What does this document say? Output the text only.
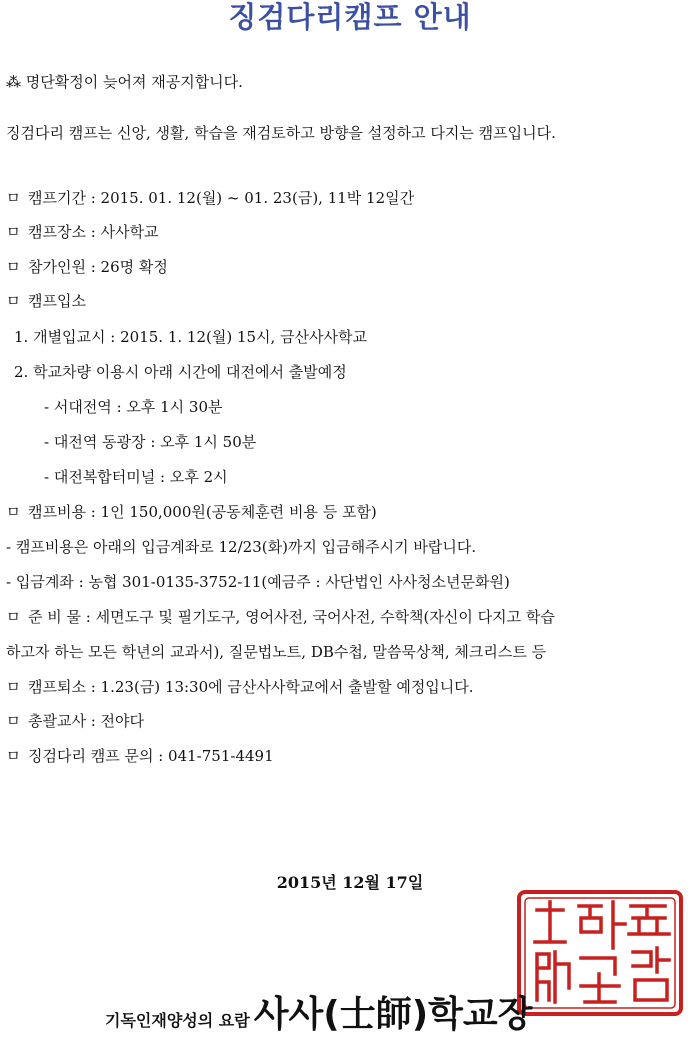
징검다리캠프 안내
⁂ 명단확정이 늦어져 재공지합니다.
징검다리 캠프는 신앙, 생활, 학습을 재검토하고 방향을 설정하고 다지는 캠프입니다.
ㅁ 캠프기간 : 2015. 01. 12(월) ~ 01. 23(금), 11박 12일간
ㅁ 캠프장소 : 사사학교
ㅁ 참가인원 : 26명 확정
ㅁ 캠프입소
1. 개별입교시 : 2015. 1. 12(월) 15시, 금산사사학교
2. 학교차량 이용시 아래 시간에 대전에서 출발예정
- 서대전역 : 오후 1시 30분
- 대전역 동광장 : 오후 1시 50분
- 대전복합터미널 : 오후 2시
ㅁ 캠프비용 : 1인 150,000원(공동체훈련 비용 등 포함)
- 캠프비용은 아래의 입금계좌로 12/23(화)까지 입금해주시기 바랍니다.
- 입금계좌 : 농협 301-0135-3752-11(예금주 : 사단법인 사사청소년문화원)
ㅁ 준 비 물 : 세면도구 및 필기도구, 영어사전, 국어사전, 수학책(자신이 다지고 학습
하고자 하는 모든 학년의 교과서), 질문법노트, DB수첩, 말씀묵상책, 체크리스트 등
ㅁ 캠프퇴소 : 1.23(금) 13:30에 금산사사학교에서 출발할 예정입니다.
ㅁ 총괄교사 : 전야다
ㅁ 징검다리 캠프 문의 : 041-751-4491
2015년 12월 17일
기독인재양성의 요람 사사(士師)학교장
